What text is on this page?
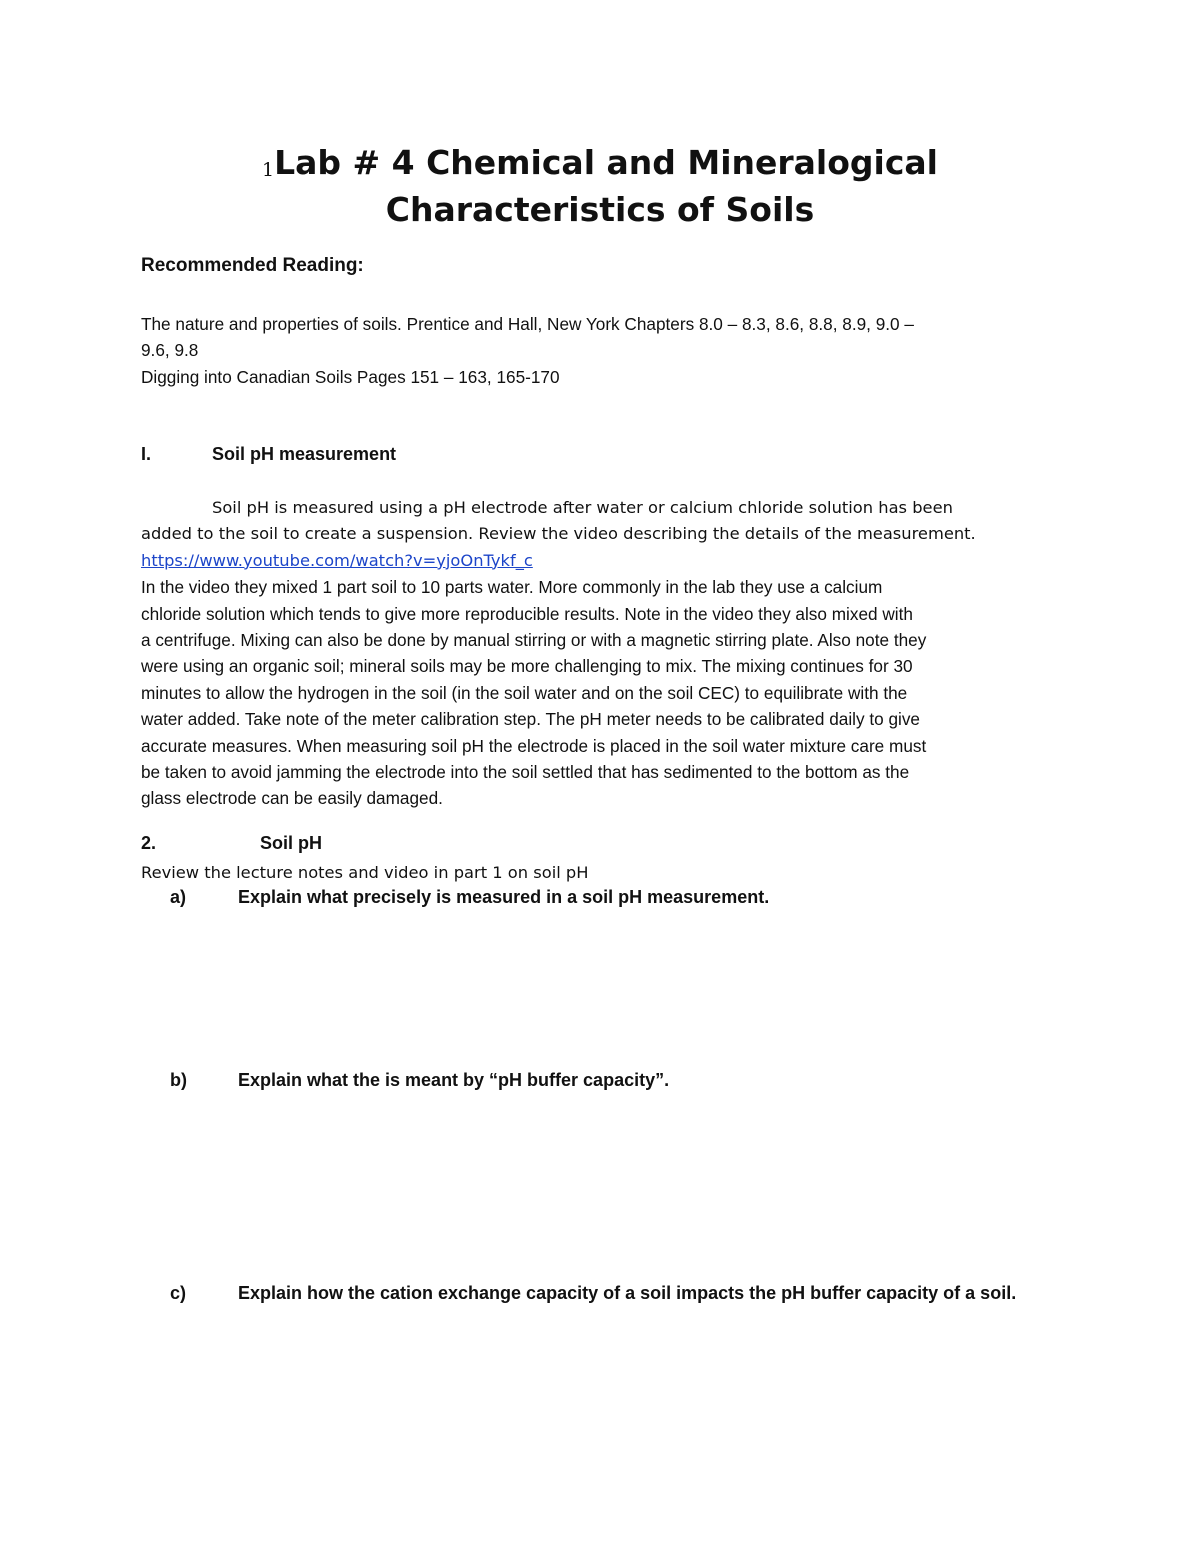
1Lab # 4 Chemical and Mineralogical
Characteristics of Soils
Recommended Reading:
The nature and properties of soils. Prentice and Hall, New York Chapters 8.0 – 8.3, 8.6, 8.8, 8.9, 9.0 –
9.6, 9.8
Digging into Canadian Soils Pages 151 – 163, 165-170
I.	Soil pH measurement
Soil pH is measured using a pH electrode after water or calcium chloride solution has been
added to the soil to create a suspension. Review the video describing the details of the measurement.
https://www.youtube.com/watch?v=yjoOnTykf_c
In the video they mixed 1 part soil to 10 parts water. More commonly in the lab they use a calcium
chloride solution which tends to give more reproducible results. Note in the video they also mixed with
a centrifuge. Mixing can also be done by manual stirring or with a magnetic stirring plate. Also note they
were using an organic soil; mineral soils may be more challenging to mix. The mixing continues for 30
minutes to allow the hydrogen in the soil (in the soil water and on the soil CEC) to equilibrate with the
water added. Take note of the meter calibration step. The pH meter needs to be calibrated daily to give
accurate measures. When measuring soil pH the electrode is placed in the soil water mixture care must
be taken to avoid jamming the electrode into the soil settled that has sedimented to the bottom as the
glass electrode can be easily damaged.
2.	Soil pH
Review the lecture notes and video in part 1 on soil pH
a)	Explain what precisely is measured in a soil pH measurement.
b)	Explain what the is meant by “pH buffer capacity”.
c)	Explain how the cation exchange capacity of a soil impacts the pH buffer capacity of a soil.
